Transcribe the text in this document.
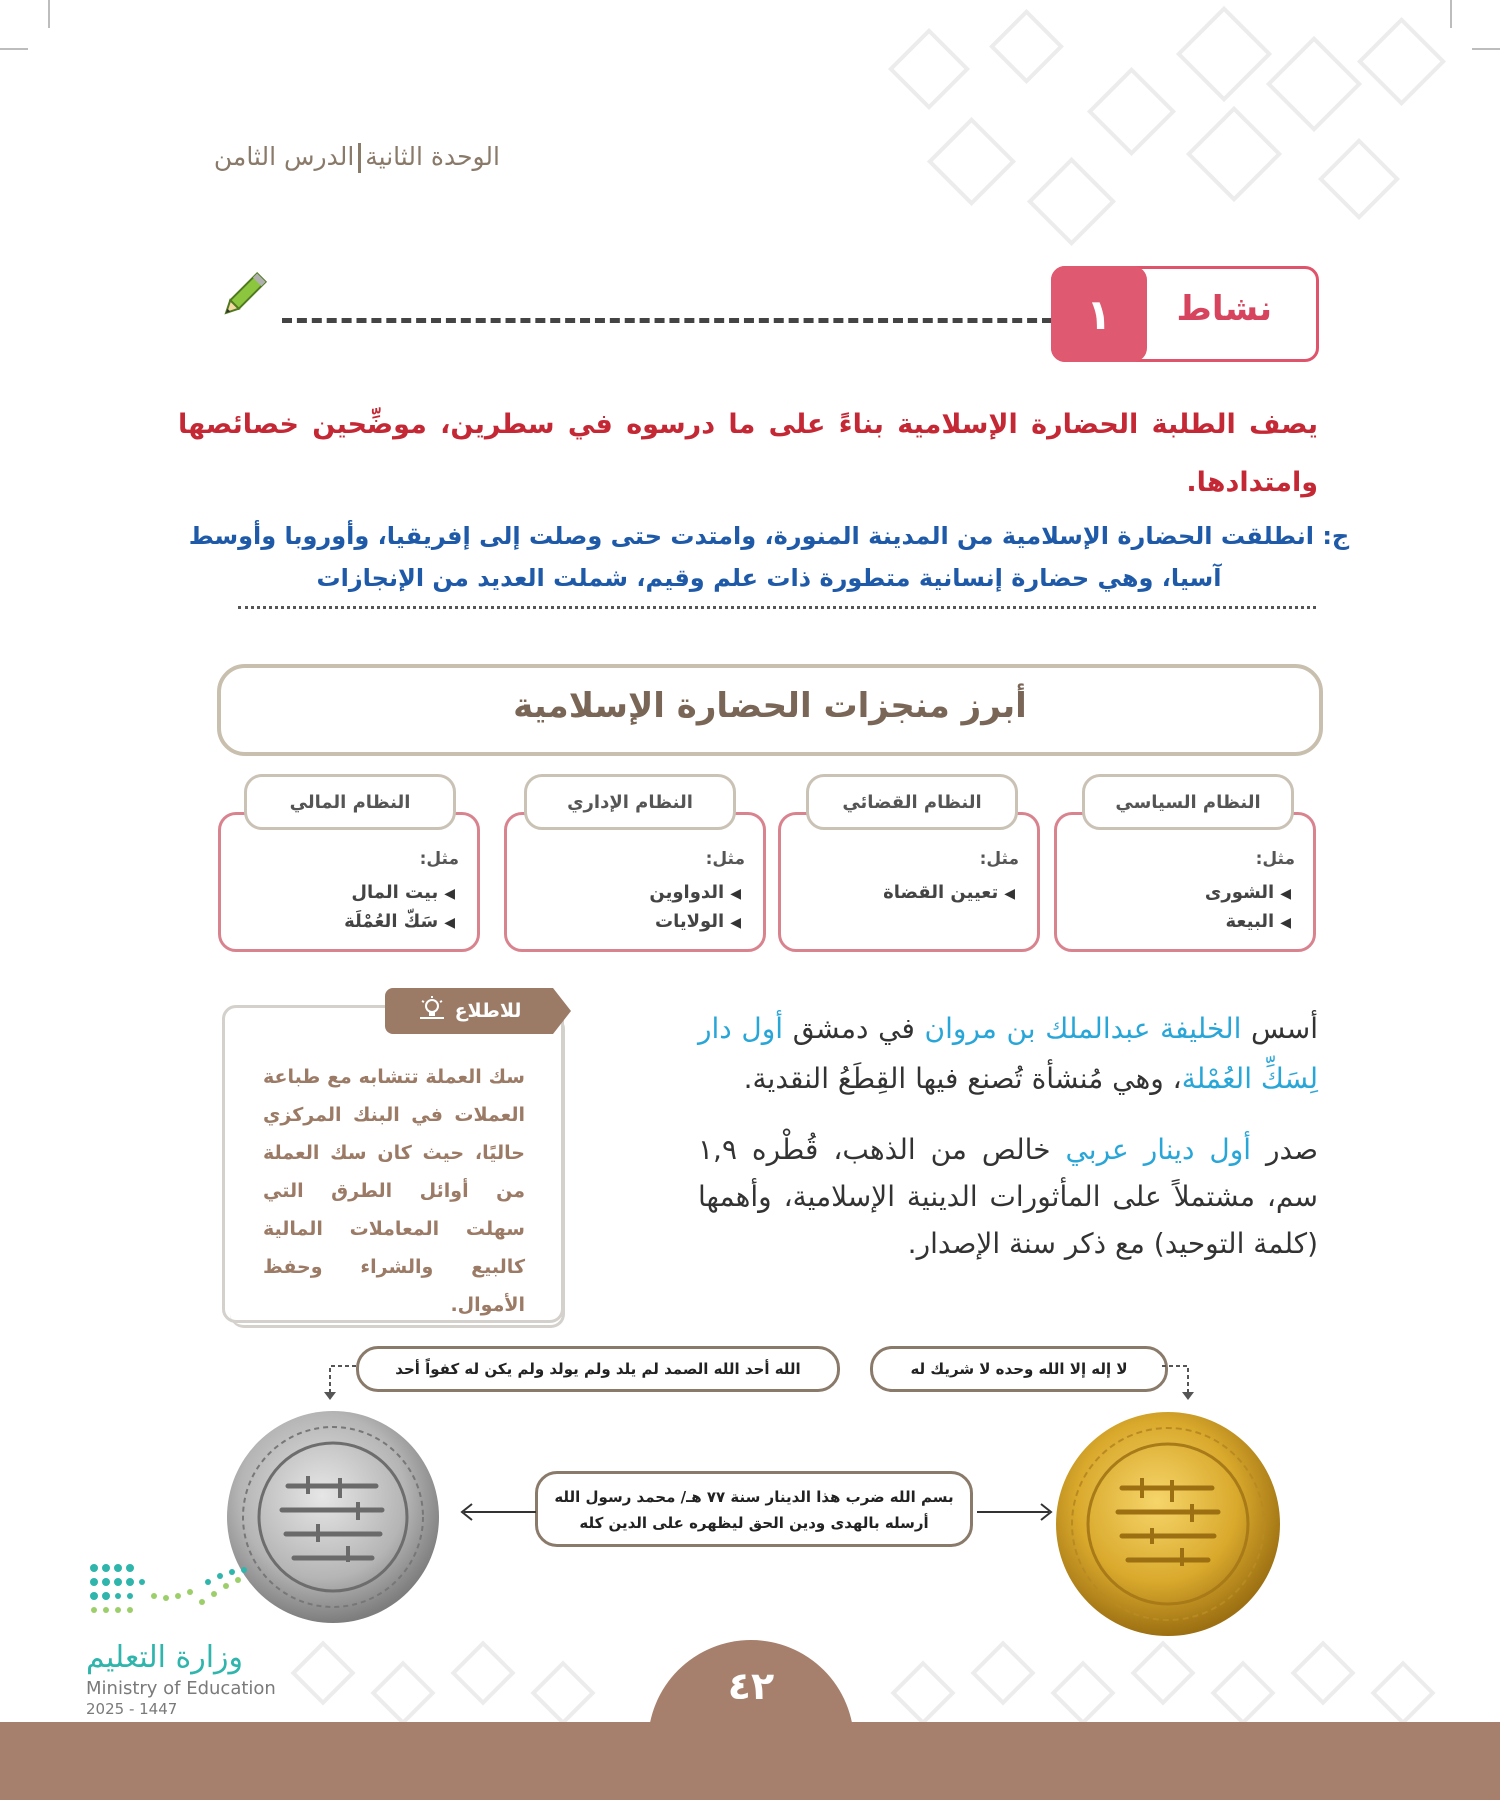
الوحدة الثانيةالدرس الثامن
نشاط
١
يصف الطلبة الحضارة الإسلامية بناءً على ما درسوه في سطرين، موضِّحين خصائصها وامتدادها.
ج: انطلقت الحضارة الإسلامية من المدينة المنورة، وامتدت حتى وصلت إلى إفريقيا، وأوروبا وأوسط آسيا، وهي حضارة إنسانية متطورة ذات علم وقيم، شملت العديد من الإنجازات
أبرز منجزات الحضارة الإسلامية
مثل:
◀ الشورى
◀ البيعة
النظام السياسي
مثل:
◀ تعيين القضاة
النظام القضائي
مثل:
◀ الدواوين
◀ الولايات
النظام الإداري
مثل:
◀ بيت المال
◀ سَكّ العُمْلَة
النظام المالي
أسس الخليفة عبدالملك بن مروان في دمشق أول دار لِسَكِّ العُمْلة، وهي مُنشأة تُصنع فيها القِطَعُ النقدية.
صدر أول دينار عربي خالص من الذهب، قُطْره ١,٩ سم، مشتملاً على المأثورات الدينية الإسلامية، وأهمها (كلمة التوحيد) مع ذكر سنة الإصدار.
للاطلاع
سك العملة تتشابه مع طباعة العملات في البنك المركزي حاليًا، حيث كان سك العملة من أوائل الطرق التي سهلت المعاملات المالية كالبيع والشراء وحفظ الأموال.
لا إله إلا الله وحده لا شريك له
الله أحد الله الصمد لم يلد ولم يولد ولم يكن له كفواً أحد
بسم الله ضرب هذا الدينار سنة ٧٧ هـ/ محمد رسول الله
أرسله بالهدى ودين الحق ليظهره على الدين كله
وزارة التعليم
Ministry of Education
2025 - 1447
٤٢
